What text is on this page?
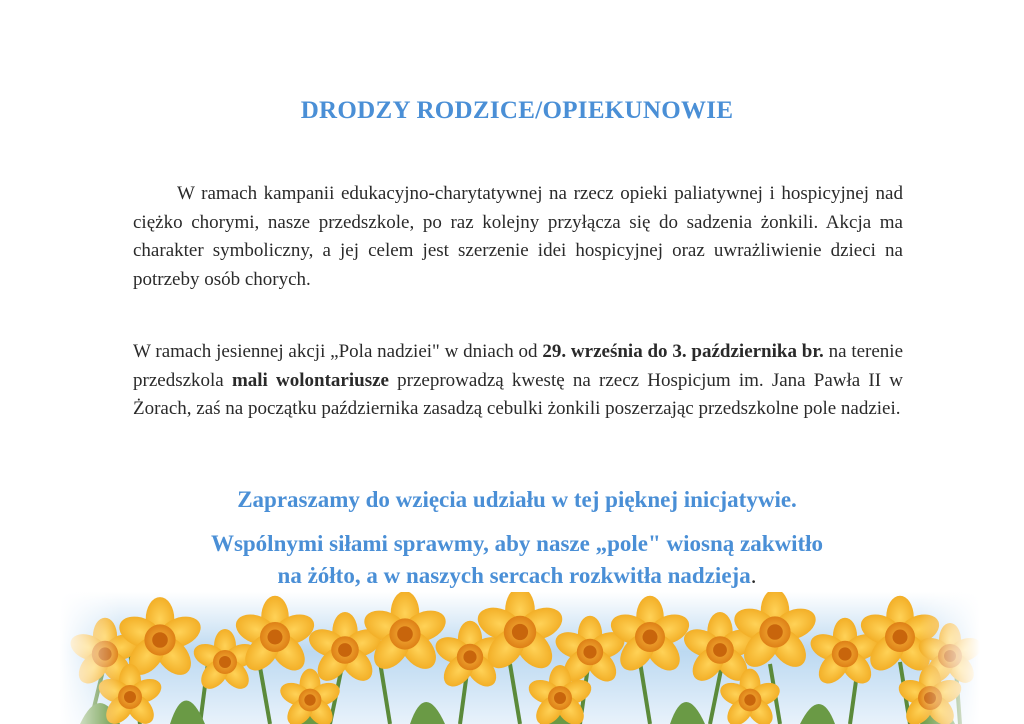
DRODZY RODZICE/OPIEKUNOWIE

W ramach kampanii edukacyjno-charytatywnej na rzecz opieki paliatywnej i hospicyjnej nad ciężko chorymi, nasze przedszkole, po raz kolejny przyłącza się do sadzenia żonkili. Akcja ma charakter symboliczny, a jej celem jest szerzenie idei hospicyjnej oraz uwrażliwienie dzieci na potrzeby osób chorych.

W ramach jesiennej akcji „Pola nadziei" w dniach od 29. września do 3. października br. na terenie przedszkola mali wolontariusze przeprowadzą kwestę na rzecz Hospicjum im. Jana Pawła II w Żorach, zaś na początku października zasadzą cebulki żonkili poszerzając przedszkolne pole nadziei.

Zapraszamy do wzięcia udziału w tej pięknej inicjatywie.

Wspólnymi siłami sprawmy, aby nasze „pole" wiosną zakwitło

na żółto, a w naszych sercach rozkwitła nadzieja.
